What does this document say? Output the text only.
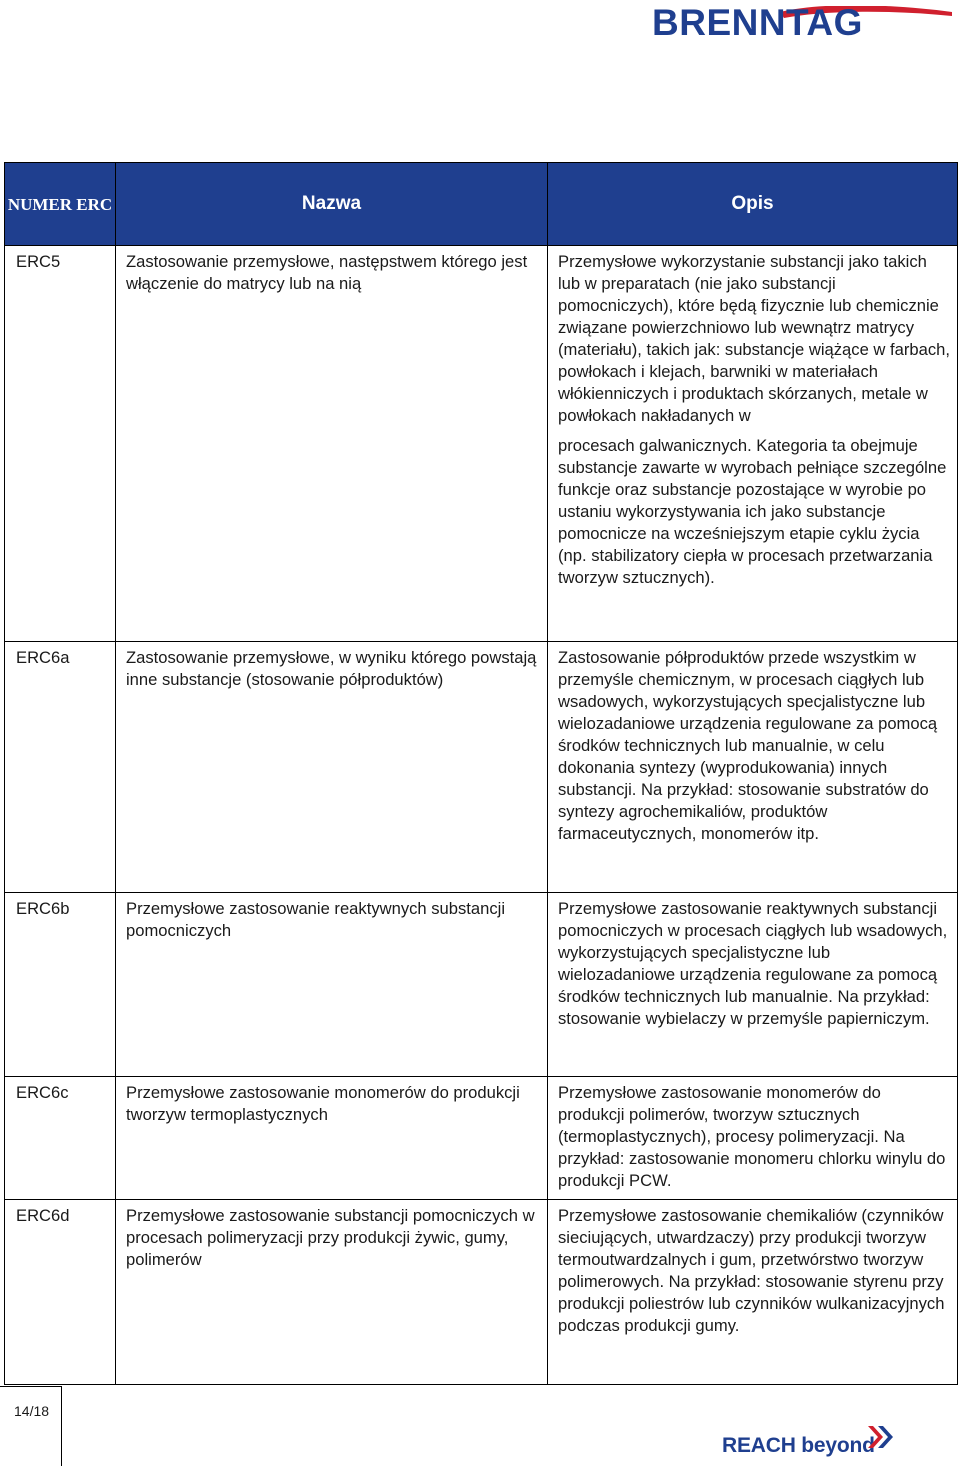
BRENNTAG
NUMER ERC	Nazwa	Opis
ERC5	Zastosowanie przemysłowe, następstwem którego jest włączenie do matrycy lub na nią	Przemysłowe wykorzystanie substancji jako takich lub w preparatach (nie jako substancji pomocniczych), które będą fizycznie lub chemicznie związane powierzchniowo lub wewnątrz matrycy (materiału), takich jak: substancje wiążące w farbach, powłokach i klejach, barwniki w materiałach włókienniczych i produktach skórzanych, metale w powłokach nakładanych w
procesach galwanicznych. Kategoria ta obejmuje substancje zawarte w wyrobach pełniące szczególne funkcje oraz substancje pozostające w wyrobie po ustaniu wykorzystywania ich jako substancje pomocnicze na wcześniejszym etapie cyklu życia (np. stabilizatory ciepła w procesach przetwarzania tworzyw sztucznych).
ERC6a	Zastosowanie przemysłowe, w wyniku którego powstają inne substancje (stosowanie półproduktów)	Zastosowanie półproduktów przede wszystkim w przemyśle chemicznym, w procesach ciągłych lub wsadowych, wykorzystujących specjalistyczne lub wielozadaniowe urządzenia regulowane za pomocą środków technicznych lub manualnie, w celu dokonania syntezy (wyprodukowania) innych substancji. Na przykład: stosowanie substratów do syntezy agrochemikaliów, produktów farmaceutycznych, monomerów itp.
ERC6b	Przemysłowe zastosowanie reaktywnych substancji pomocniczych	Przemysłowe zastosowanie reaktywnych substancji pomocniczych w procesach ciągłych lub wsadowych, wykorzystujących specjalistyczne lub wielozadaniowe urządzenia regulowane za pomocą środków technicznych lub manualnie. Na przykład: stosowanie wybielaczy w przemyśle papierniczym.
ERC6c	Przemysłowe zastosowanie monomerów do produkcji tworzyw termoplastycznych	Przemysłowe zastosowanie monomerów do produkcji polimerów, tworzyw sztucznych (termoplastycznych), procesy polimeryzacji. Na przykład: zastosowanie monomeru chlorku winylu do produkcji PCW.
ERC6d	Przemysłowe zastosowanie substancji pomocniczych w procesach polimeryzacji przy produkcji żywic, gumy, polimerów	Przemysłowe zastosowanie chemikaliów (czynników sieciujących, utwardzaczy) przy produkcji tworzyw termoutwardzalnych i gum, przetwórstwo tworzyw polimerowych. Na przykład: stosowanie styrenu przy produkcji poliestrów lub czynników wulkanizacyjnych podczas produkcji gumy.
14/18
REACH beyond
